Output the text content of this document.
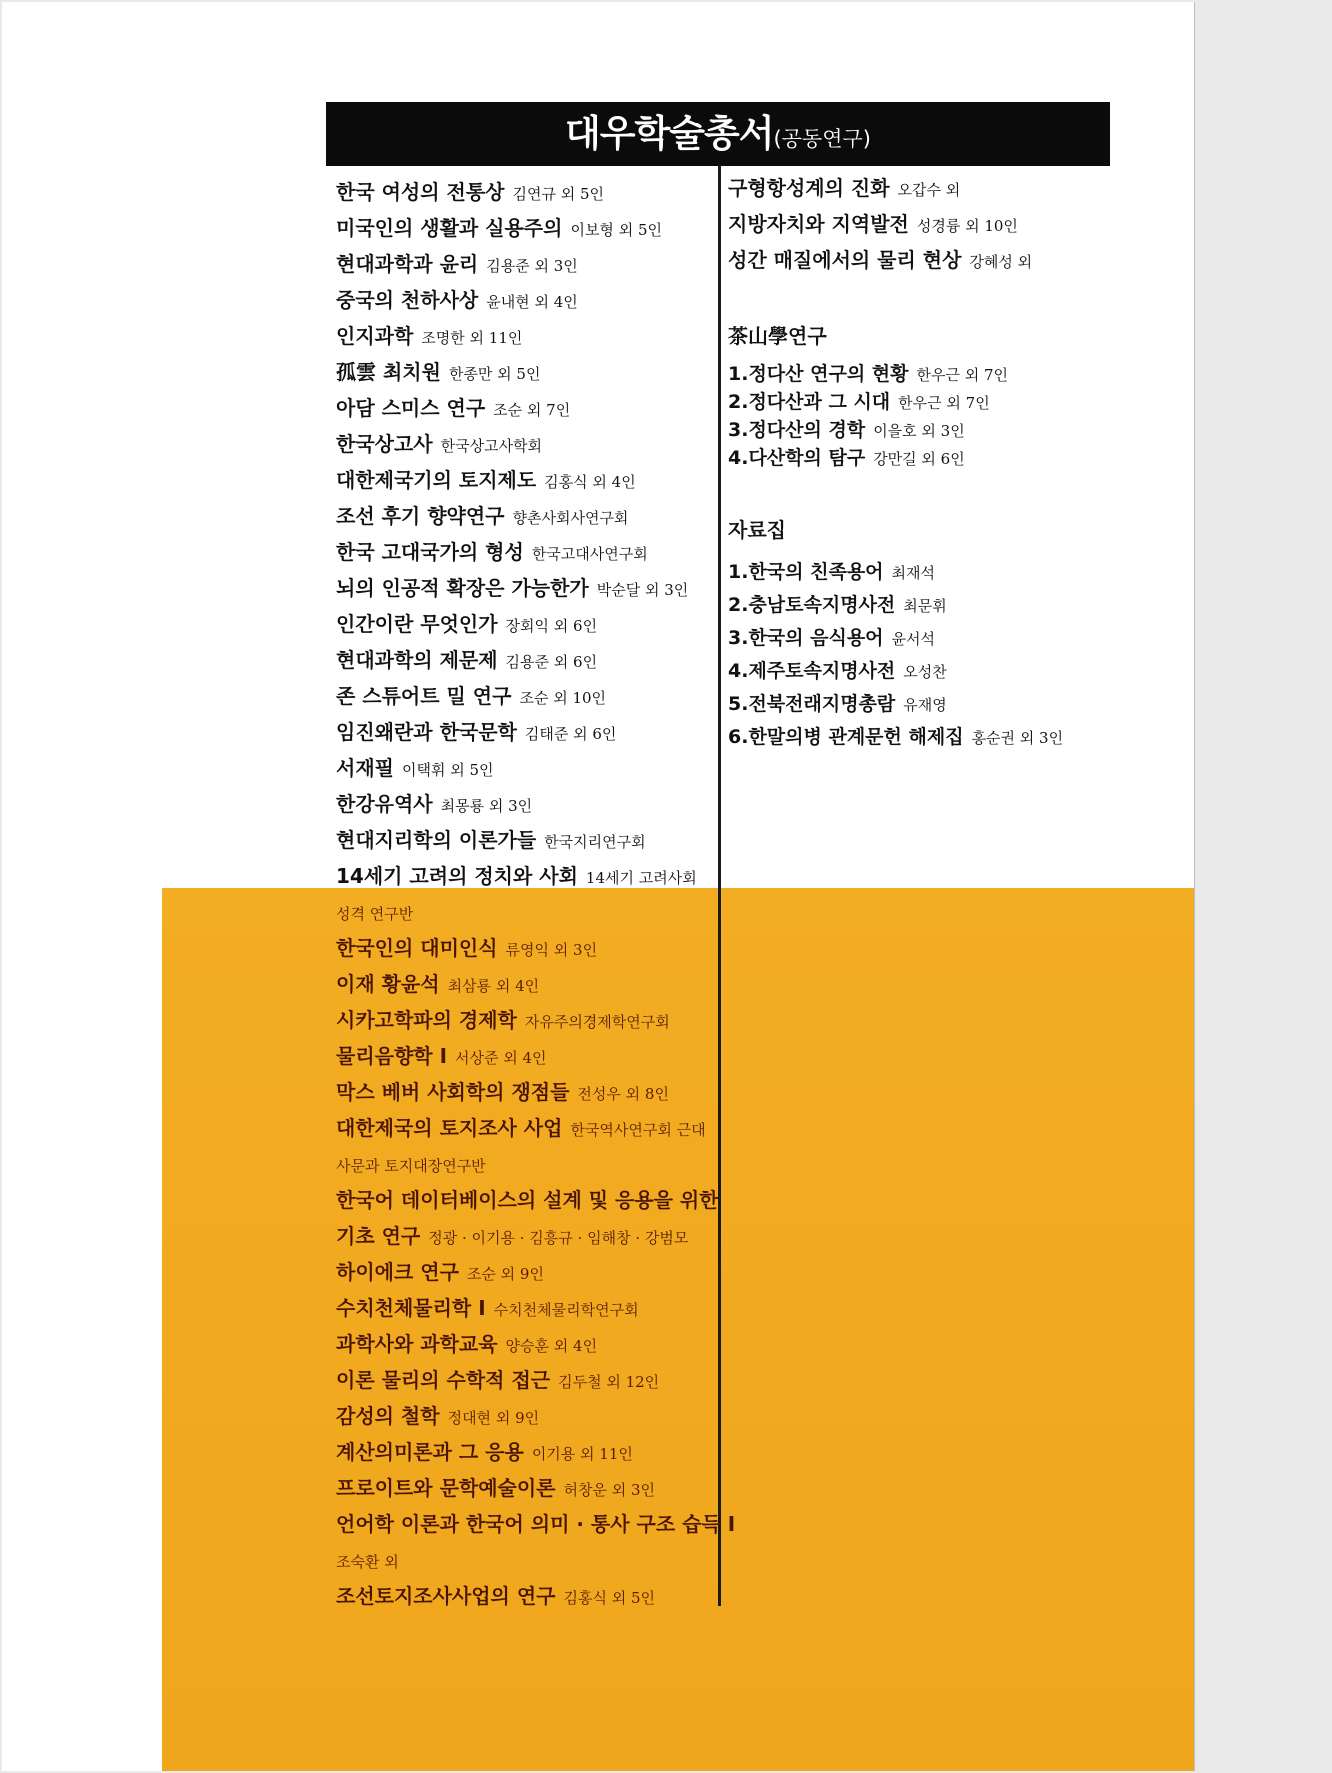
대우학술총서(공동연구)
한국 여성의 전통상 김연규 외 5인
미국인의 생활과 실용주의 이보형 외 5인
현대과학과 윤리 김용준 외 3인
중국의 천하사상 윤내현 외 4인
인지과학 조명한 외 11인
孤雲 최치원 한종만 외 5인
아담 스미스 연구 조순 외 7인
한국상고사 한국상고사학회
대한제국기의 토지제도 김홍식 외 4인
조선 후기 향약연구 향촌사회사연구회
한국 고대국가의 형성 한국고대사연구회
뇌의 인공적 확장은 가능한가 박순달 외 3인
인간이란 무엇인가 장회익 외 6인
현대과학의 제문제 김용준 외 6인
존 스튜어트 밀 연구 조순 외 10인
임진왜란과 한국문학 김태준 외 6인
서재필 이택휘 외 5인
한강유역사 최몽룡 외 3인
현대지리학의 이론가들 한국지리연구회
14세기 고려의 정치와 사회 14세기 고려사회
성격 연구반
한국인의 대미인식 류영익 외 3인
이재 황윤석 최삼룡 외 4인
시카고학파의 경제학 자유주의경제학연구회
물리음향학 Ⅰ 서상준 외 4인
막스 베버 사회학의 쟁점들 전성우 외 8인
대한제국의 토지조사 사업 한국역사연구회 근대
사문과 토지대장연구반
한국어 데이터베이스의 설계 및 응용을 위한
기초 연구 정광 · 이기용 · 김흥규 · 임해창 · 강범모
하이에크 연구 조순 외 9인
수치천체물리학 Ⅰ 수치천체물리학연구회
과학사와 과학교육 양승훈 외 4인
이론 물리의 수학적 접근 김두철 외 12인
감성의 철학 정대현 외 9인
계산의미론과 그 응용 이기용 외 11인
프로이트와 문학예술이론 허창운 외 3인
언어학 이론과 한국어 의미 · 통사 구조 습득 Ⅰ
조숙환 외
조선토지조사사업의 연구 김홍식 외 5인
구형항성계의 진화 오갑수 외
지방자치와 지역발전 성경륭 외 10인
성간 매질에서의 물리 현상 강혜성 외
茶山學연구
1.정다산 연구의 현황 한우근 외 7인
2.정다산과 그 시대 한우근 외 7인
3.정다산의 경학 이을호 외 3인
4.다산학의 탐구 강만길 외 6인
자료집
1.한국의 친족용어 최재석
2.충남토속지명사전 최문휘
3.한국의 음식용어 윤서석
4.제주토속지명사전 오성찬
5.전북전래지명총람 유재영
6.한말의병 관계문헌 해제집 홍순권 외 3인
